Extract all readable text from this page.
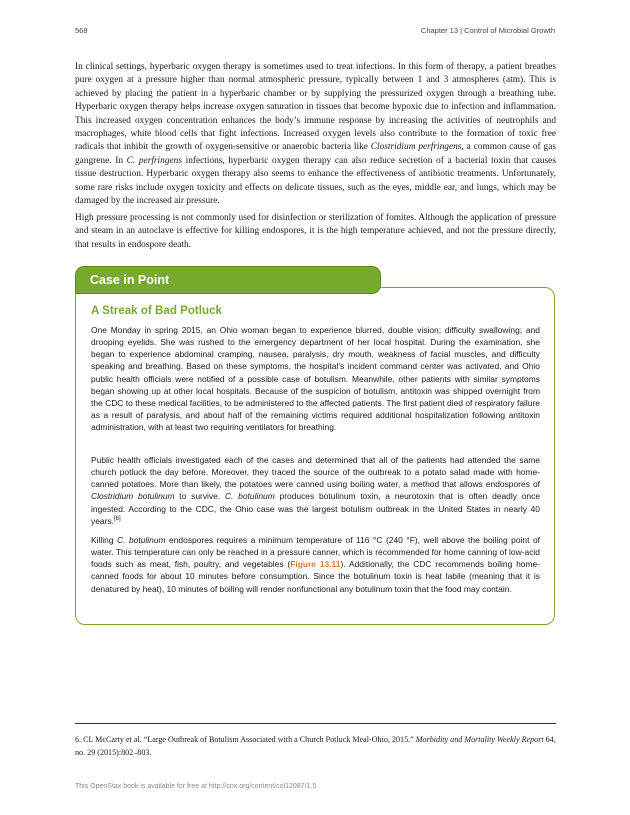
568	Chapter 13 | Control of Microbial Growth

In clinical settings, hyperbaric oxygen therapy is sometimes used to treat infections. In this form of therapy, a patient breathes pure oxygen at a pressure higher than normal atmospheric pressure, typically between 1 and 3 atmospheres (atm). This is achieved by placing the patient in a hyperbaric chamber or by supplying the pressurized oxygen through a breathing tube. Hyperbaric oxygen therapy helps increase oxygen saturation in tissues that become hypoxic due to infection and inflammation. This increased oxygen concentration enhances the body’s immune response by increasing the activities of neutrophils and macrophages, white blood cells that fight infections. Increased oxygen levels also contribute to the formation of toxic free radicals that inhibit the growth of oxygen-sensitive or anaerobic bacteria like Clostridium perfringens, a common cause of gas gangrene. In C. perfringens infections, hyperbaric oxygen therapy can also reduce secretion of a bacterial toxin that causes tissue destruction. Hyperbaric oxygen therapy also seems to enhance the effectiveness of antibiotic treatments. Unfortunately, some rare risks include oxygen toxicity and effects on delicate tissues, such as the eyes, middle ear, and lungs, which may be damaged by the increased air pressure.

High pressure processing is not commonly used for disinfection or sterilization of fomites. Although the application of pressure and steam in an autoclave is effective for killing endospores, it is the high temperature achieved, and not the pressure directly, that results in endospore death.

Case in Point
A Streak of Bad Potluck

One Monday in spring 2015, an Ohio woman began to experience blurred, double vision; difficulty swallowing; and drooping eyelids. She was rushed to the emergency department of her local hospital. During the examination, she began to experience abdominal cramping, nausea, paralysis, dry mouth, weakness of facial muscles, and difficulty speaking and breathing. Based on these symptoms, the hospital’s incident command center was activated, and Ohio public health officials were notified of a possible case of botulism. Meanwhile, other patients with similar symptoms began showing up at other local hospitals. Because of the suspicion of botulism, antitoxin was shipped overnight from the CDC to these medical facilities, to be administered to the affected patients. The first patient died of respiratory failure as a result of paralysis, and about half of the remaining victims required additional hospitalization following antitoxin administration, with at least two requiring ventilators for breathing.

Public health officials investigated each of the cases and determined that all of the patients had attended the same church potluck the day before. Moreover, they traced the source of the outbreak to a potato salad made with home-canned potatoes. More than likely, the potatoes were canned using boiling water, a method that allows endospores of Clostridium botulinum to survive. C. botulinum produces botulinum toxin, a neurotoxin that is often deadly once ingested. According to the CDC, the Ohio case was the largest botulism outbreak in the United States in nearly 40 years.[6]

Killing C. botulinum endospores requires a minimum temperature of 116 °C (240 °F), well above the boiling point of water. This temperature can only be reached in a pressure canner, which is recommended for home canning of low-acid foods such as meat, fish, poultry, and vegetables (Figure 13.11). Additionally, the CDC recommends boiling home-canned foods for about 10 minutes before consumption. Since the botulinum toxin is heat labile (meaning that it is denatured by heat), 10 minutes of boiling will render nonfunctional any botulinum toxin that the food may contain.

6. CL McCarty et al. “Large Outbreak of Botulism Associated with a Church Potluck Meal-Ohio, 2015.” Morbidity and Mortality Weekly Report 64, no. 29 (2015):802–803.

This OpenStax book is available for free at http://cnx.org/content/col12087/1.5
